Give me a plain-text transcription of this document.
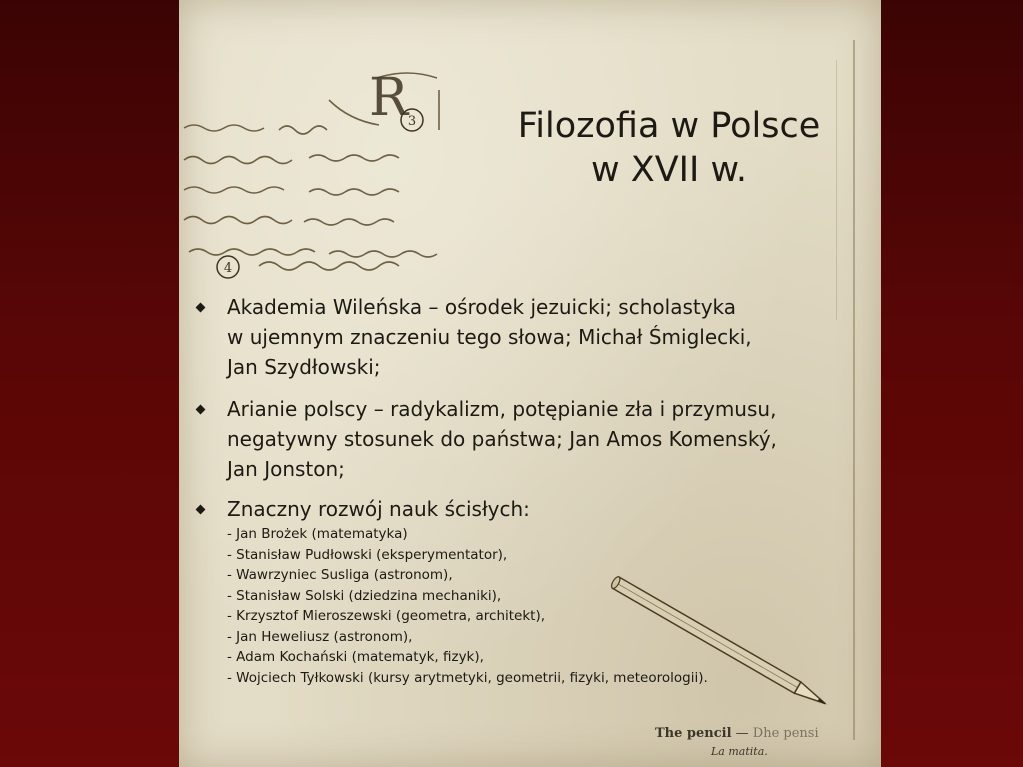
R 3
4
Filozofia w Polsce
w XVII w.
Akademia Wileńska – ośrodek jezuicki; scholastyka
w ujemnym znaczeniu tego słowa; Michał Śmiglecki,
Jan Szydłowski;
Arianie polscy – radykalizm, potępianie zła i przymusu,
negatywny stosunek do państwa; Jan Amos Komenský,
Jan Jonston;
Znaczny rozwój nauk ścisłych:
- Jan Brożek (matematyka)
- Stanisław Pudłowski (eksperymentator),
- Wawrzyniec Susliga (astronom),
- Stanisław Solski (dziedzina mechaniki),
- Krzysztof Mieroszewski (geometra, architekt),
- Jan Heweliusz (astronom),
- Adam Kochański (matematyk, fizyk),
- Wojciech Tyłkowski (kursy arytmetyki, geometrii, fizyki, meteorologii).
The pencil — Dhe pensi
La matita.
